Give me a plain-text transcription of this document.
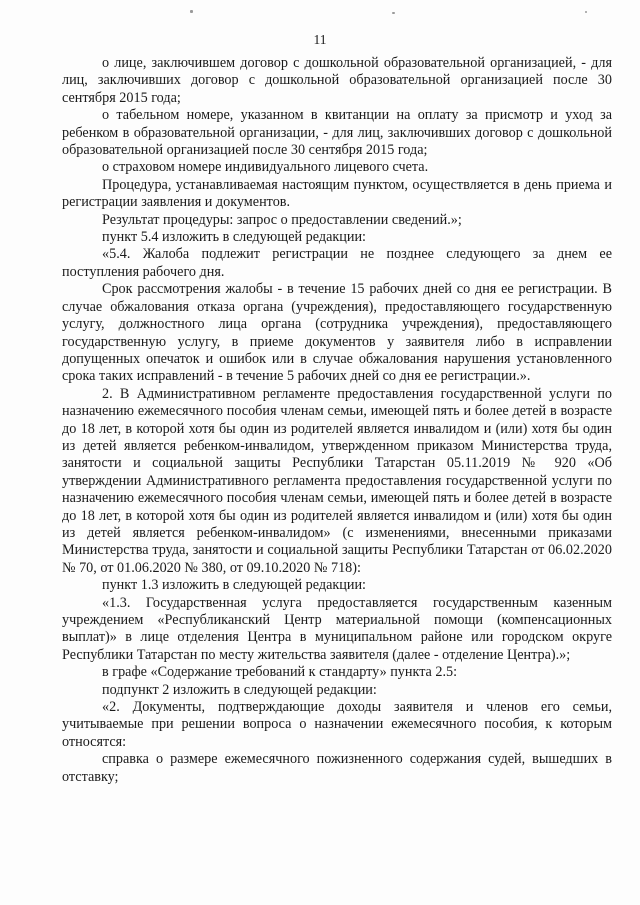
11

о лице, заключившем договор с дошкольной образовательной организацией, - для лиц, заключивших договор с дошкольной образовательной организацией после 30 сентября 2015 года;

о табельном номере, указанном в квитанции на оплату за присмотр и уход за ребенком в образовательной организации, - для лиц, заключивших договор с дошкольной образовательной организацией после 30 сентября 2015 года;

о страховом номере индивидуального лицевого счета.

Процедура, устанавливаемая настоящим пунктом, осуществляется в день приема и регистрации заявления и документов.

Результат процедуры: запрос о предоставлении сведений.»;

пункт 5.4 изложить в следующей редакции:

«5.4. Жалоба подлежит регистрации не позднее следующего за днем ее поступления рабочего дня.

Срок рассмотрения жалобы - в течение 15 рабочих дней со дня ее регистрации. В случае обжалования отказа органа (учреждения), предоставляющего государственную услугу, должностного лица органа (сотрудника учреждения), предоставляющего государственную услугу, в приеме документов у заявителя либо в исправлении допущенных опечаток и ошибок или в случае обжалования нарушения установленного срока таких исправлений - в течение 5 рабочих дней со дня ее регистрации.».

2. В Административном регламенте предоставления государственной услуги по назначению ежемесячного пособия членам семьи, имеющей пять и более детей в возрасте до 18 лет, в которой хотя бы один из родителей является инвалидом и (или) хотя бы один из детей является ребенком-инвалидом, утвержденном приказом Министерства труда, занятости и социальной защиты Республики Татарстан 05.11.2019 № 920 «Об утверждении Административного регламента предоставления государственной услуги по назначению ежемесячного пособия членам семьи, имеющей пять и более детей в возрасте до 18 лет, в которой хотя бы один из родителей является инвалидом и (или) хотя бы один из детей является ребенком-инвалидом» (с изменениями, внесенными приказами Министерства труда, занятости и социальной защиты Республики Татарстан от 06.02.2020 № 70, от 01.06.2020 № 380, от 09.10.2020 № 718):

пункт 1.3 изложить в следующей редакции:

«1.3. Государственная услуга предоставляется государственным казенным учреждением «Республиканский Центр материальной помощи (компенсационных выплат)» в лице отделения Центра в муниципальном районе или городском округе Республики Татарстан по месту жительства заявителя (далее - отделение Центра).»;

в графе «Содержание требований к стандарту» пункта 2.5:

подпункт 2 изложить в следующей редакции:

«2. Документы, подтверждающие доходы заявителя и членов его семьи, учитываемые при решении вопроса о назначении ежемесячного пособия, к которым относятся:

справка о размере ежемесячного пожизненного содержания судей, вышедших в отставку;
